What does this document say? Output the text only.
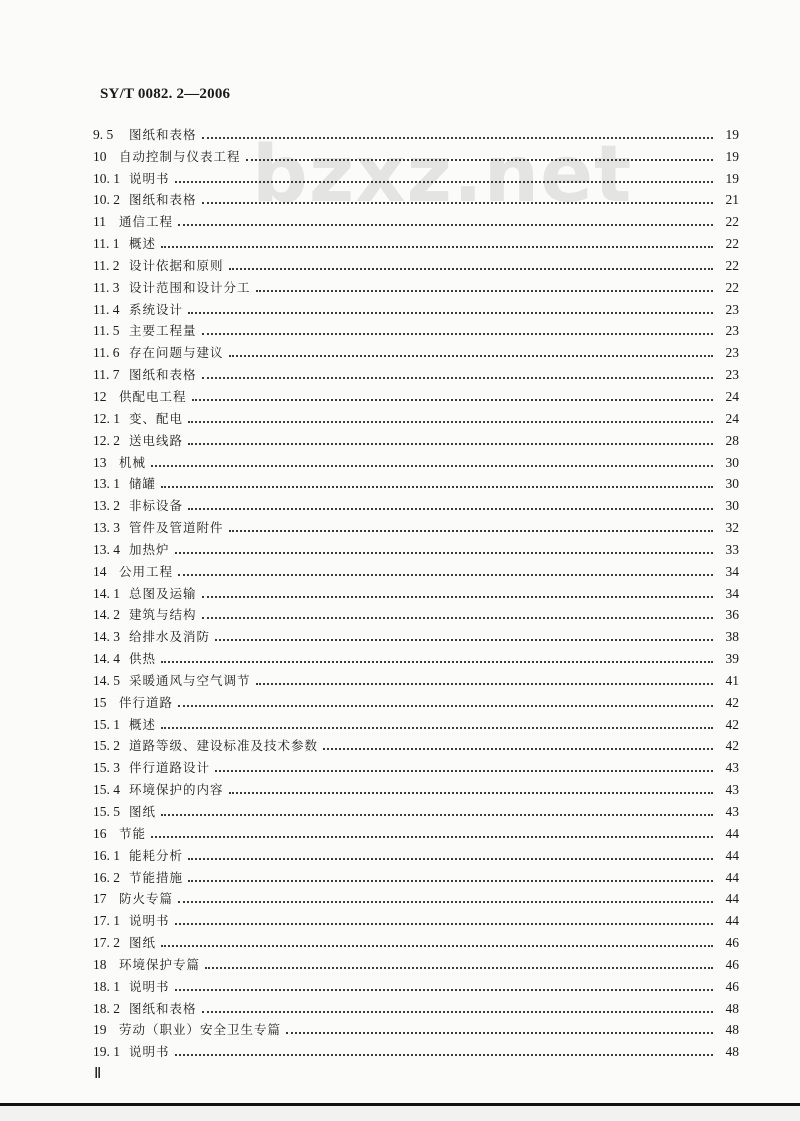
SY/T 0082. 2—2006
bzxz.net
9. 5	图纸和表格	19
10	自动控制与仪表工程	19
10. 1 说明书	19
10. 2 图纸和表格	21
11	通信工程	22
11. 1 概述	22
11. 2 设计依据和原则	22
11. 3 设计范围和设计分工	22
11. 4 系统设计	23
11. 5 主要工程量	23
11. 6 存在问题与建议	23
11. 7 图纸和表格	23
12	供配电工程	24
12. 1 变、配电	24
12. 2 送电线路	28
13	机械	30
13. 1 储罐	30
13. 2 非标设备	30
13. 3 管件及管道附件	32
13. 4 加热炉	33
14	公用工程	34
14. 1 总图及运输	34
14. 2 建筑与结构	36
14. 3 给排水及消防	38
14. 4 供热	39
14. 5 采暖通风与空气调节	41
15	伴行道路	42
15. 1 概述	42
15. 2 道路等级、建设标准及技术参数	42
15. 3 伴行道路设计	43
15. 4 环境保护的内容	43
15. 5 图纸	43
16	节能	44
16. 1 能耗分析	44
16. 2 节能措施	44
17	防火专篇	44
17. 1 说明书	44
17. 2 图纸	46
18	环境保护专篇	46
18. 1 说明书	46
18. 2 图纸和表格	48
19	劳动（职业）安全卫生专篇	48
19. 1 说明书	48
Ⅱ
